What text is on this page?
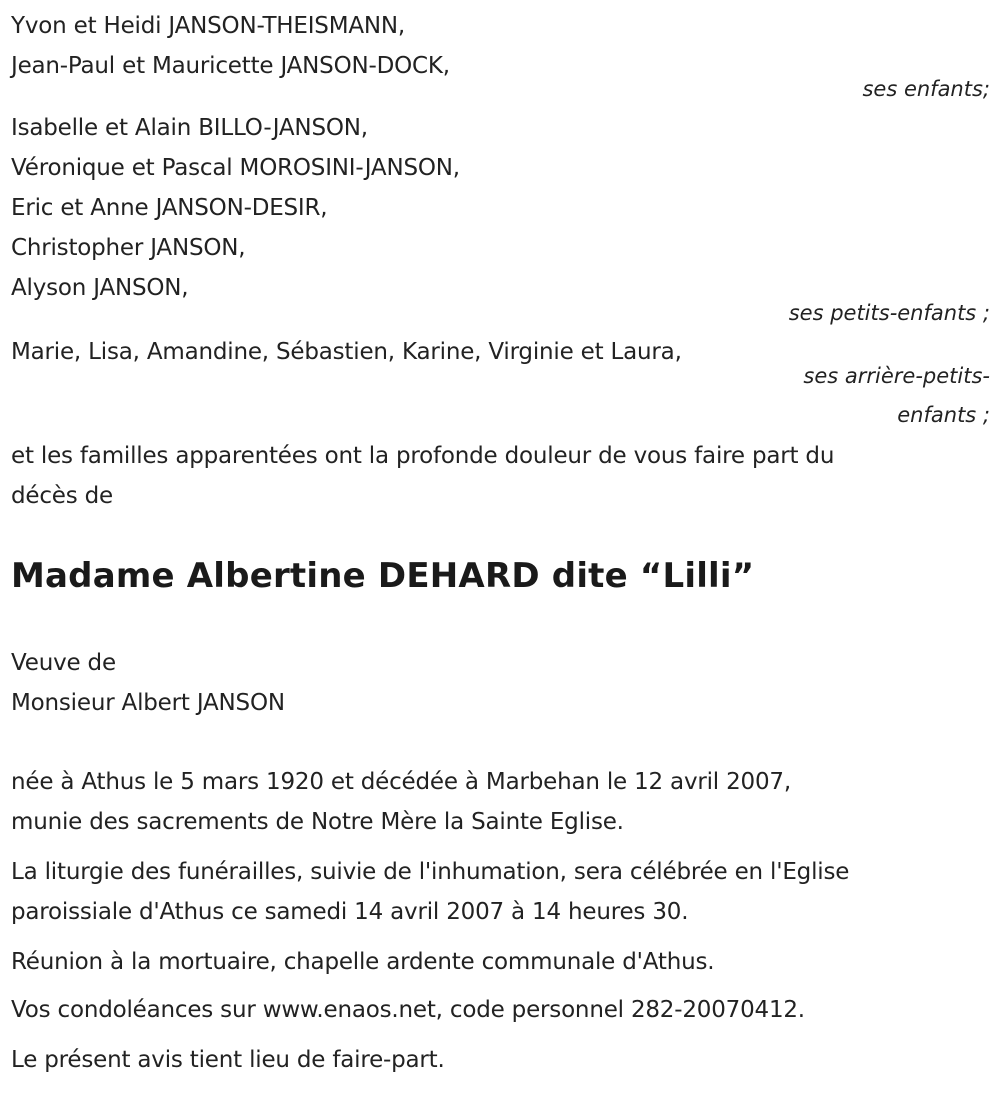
Yvon et Heidi JANSON-THEISMANN,
Jean-Paul et Mauricette JANSON-DOCK,
ses enfants;
Isabelle et Alain BILLO-JANSON,
Véronique et Pascal MOROSINI-JANSON,
Eric et Anne JANSON-DESIR,
Christopher JANSON,
Alyson JANSON,
ses petits-enfants ;
Marie, Lisa, Amandine, Sébastien, Karine, Virginie et Laura,
ses arrière-petits-
enfants ;
et les familles apparentées ont la profonde douleur de vous faire part du
décès de
Madame Albertine DEHARD dite “Lilli”
Veuve de
Monsieur Albert JANSON
née à Athus le 5 mars 1920 et décédée à Marbehan le 12 avril 2007,
munie des sacrements de Notre Mère la Sainte Eglise.
La liturgie des funérailles, suivie de l'inhumation, sera célébrée en l'Eglise
paroissiale d'Athus ce samedi 14 avril 2007 à 14 heures 30.
Réunion à la mortuaire, chapelle ardente communale d'Athus.
Vos condoléances sur www.enaos.net, code personnel 282-20070412.
Le présent avis tient lieu de faire-part.
